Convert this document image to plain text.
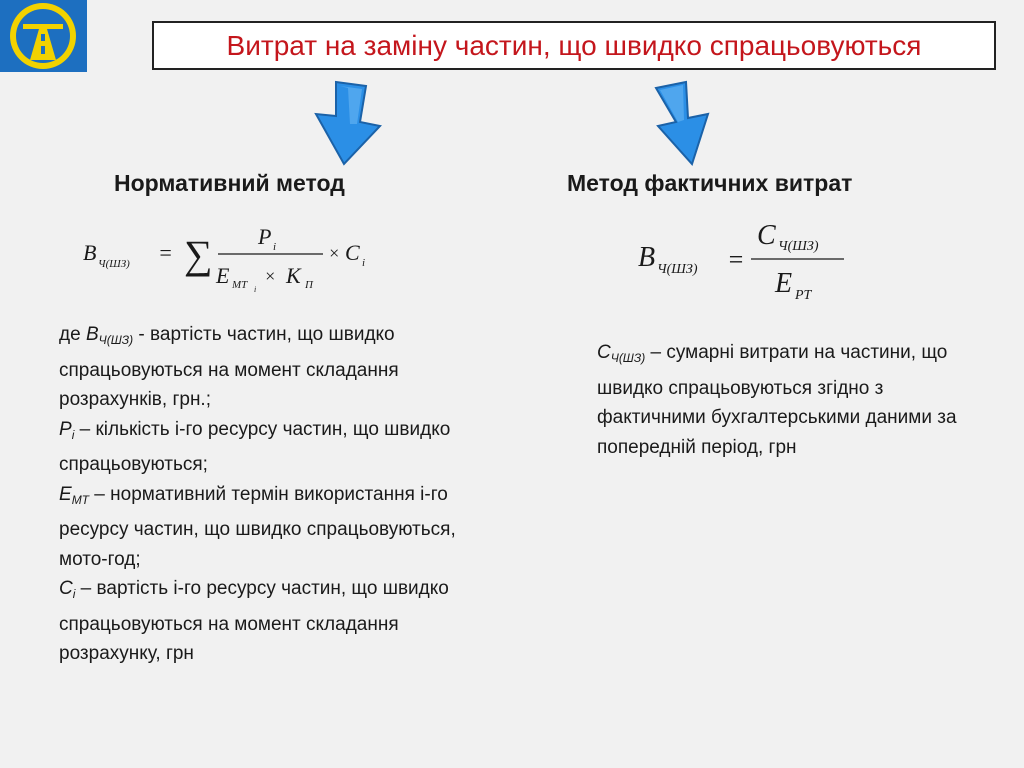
Витрат на заміну частин, що швидко спрацьовуються
Нормативний метод	Метод фактичних витрат
B Ч(ШЗ) = ∑ P i
E MT i
× K П
× C i	B Ч(ШЗ) =
C Ч(ШЗ)
E РТ

де $В_{Ч(ШЗ)}$ - вартість частин, що швидко спрацьовуються на момент складання розрахунків, грн.;

$Р_i$ – кількість і-го ресурсу частин, що швидко спрацьовуються;

$Е_{МТ}$ – нормативний термін використання і-го ресурсу частин, що швидко спрацьовуються, мото-год;

$С_i$ – вартість і-го ресурсу частин, що швидко спрацьовуються на момент складання розрахунку, грн

$С_{Ч(ШЗ)}$ – сумарні витрати на частини, що швидко спрацьовуються згідно з фактичними бухгалтерськими даними за попередній період, грн
